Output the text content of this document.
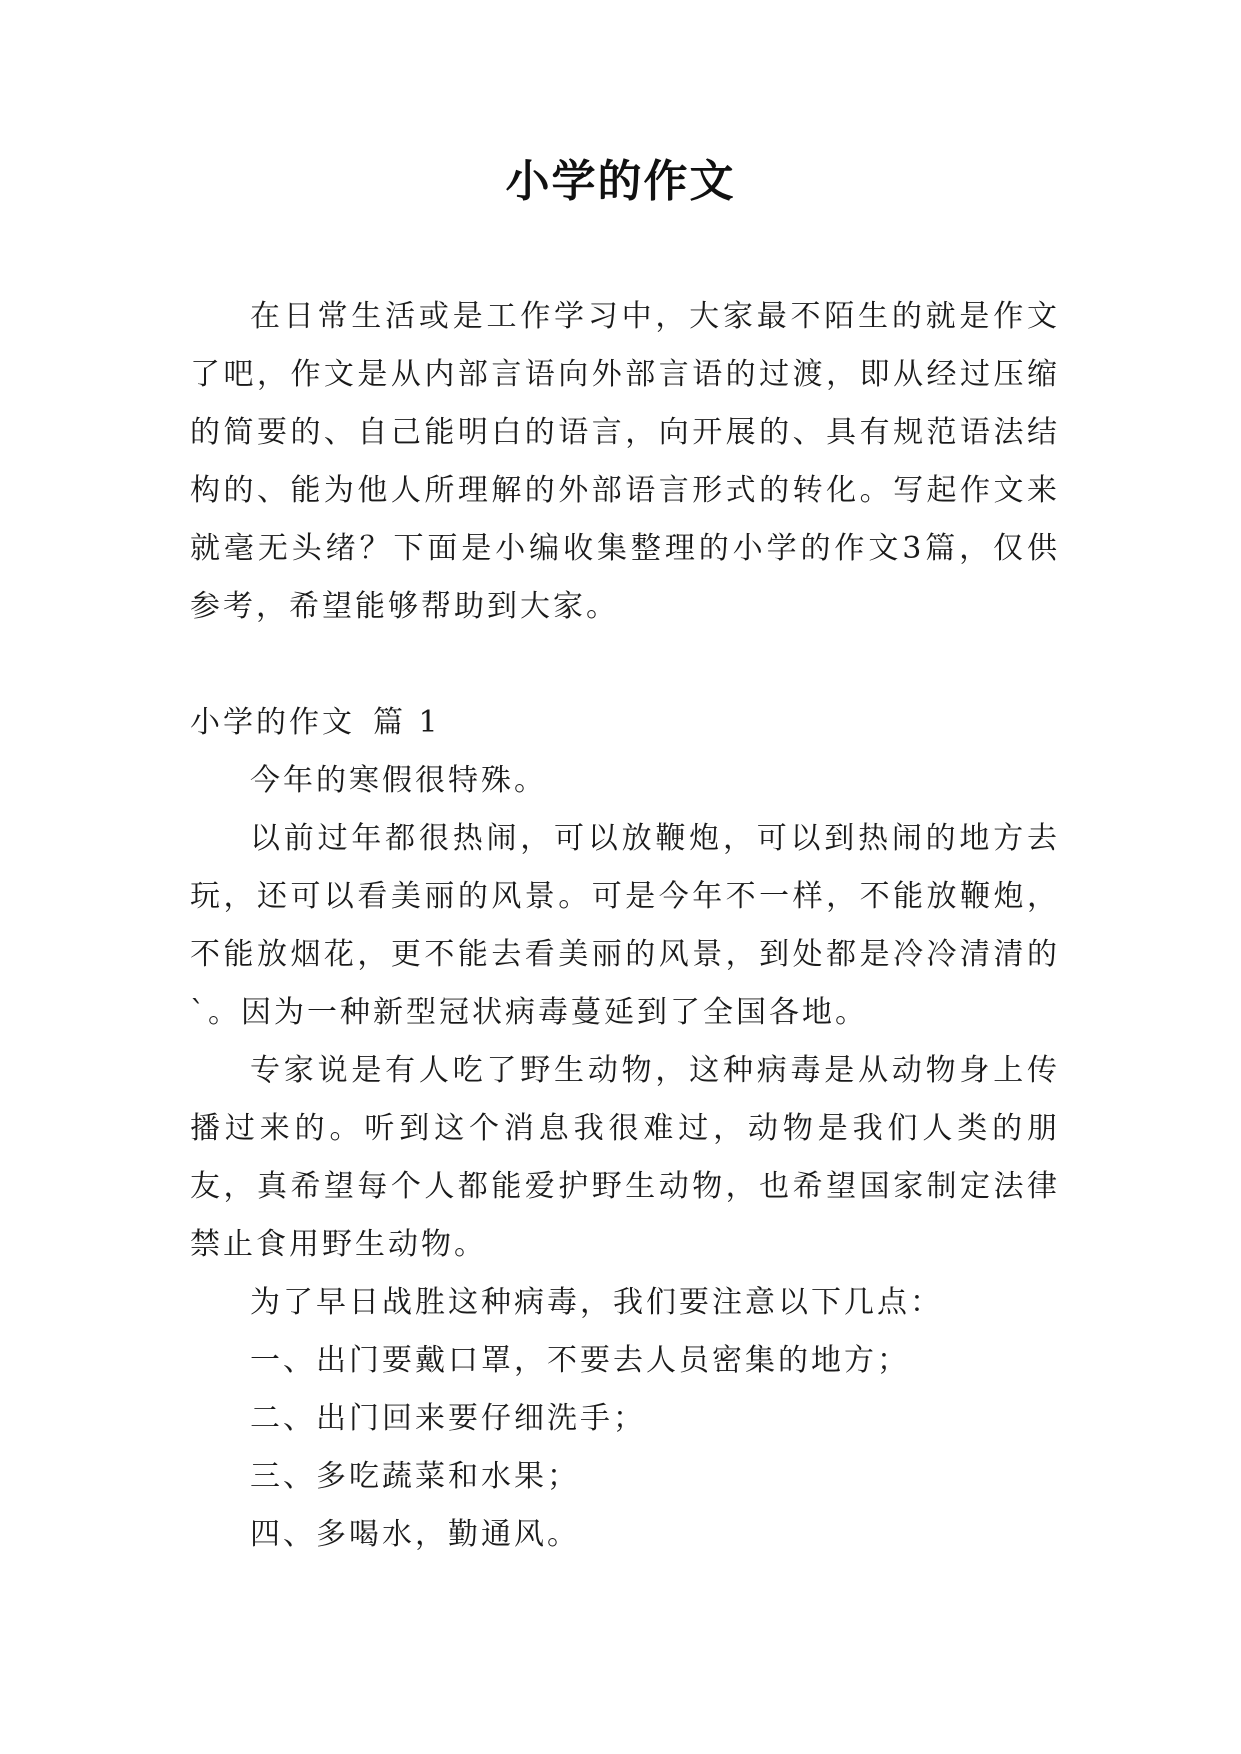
小学的作文

在日常生活或是工作学习中，大家最不陌生的就是作文了吧，作文是从内部言语向外部言语的过渡，即从经过压缩的简要的、自己能明白的语言，向开展的、具有规范语法结构的、能为他人所理解的外部语言形式的转化。写起作文来就毫无头绪？下面是小编收集整理的小学的作文3篇，仅供参考，希望能够帮助到大家。

小学的作文 篇 1

今年的寒假很特殊。

以前过年都很热闹，可以放鞭炮，可以到热闹的地方去玩，还可以看美丽的风景。可是今年不一样，不能放鞭炮，不能放烟花，更不能去看美丽的风景，到处都是冷冷清清的`。因为一种新型冠状病毒蔓延到了全国各地。

专家说是有人吃了野生动物，这种病毒是从动物身上传播过来的。听到这个消息我很难过，动物是我们人类的朋友，真希望每个人都能爱护野生动物，也希望国家制定法律禁止食用野生动物。

为了早日战胜这种病毒，我们要注意以下几点：

一、出门要戴口罩，不要去人员密集的地方；

二、出门回来要仔细洗手；

三、多吃蔬菜和水果；

四、多喝水，勤通风。
